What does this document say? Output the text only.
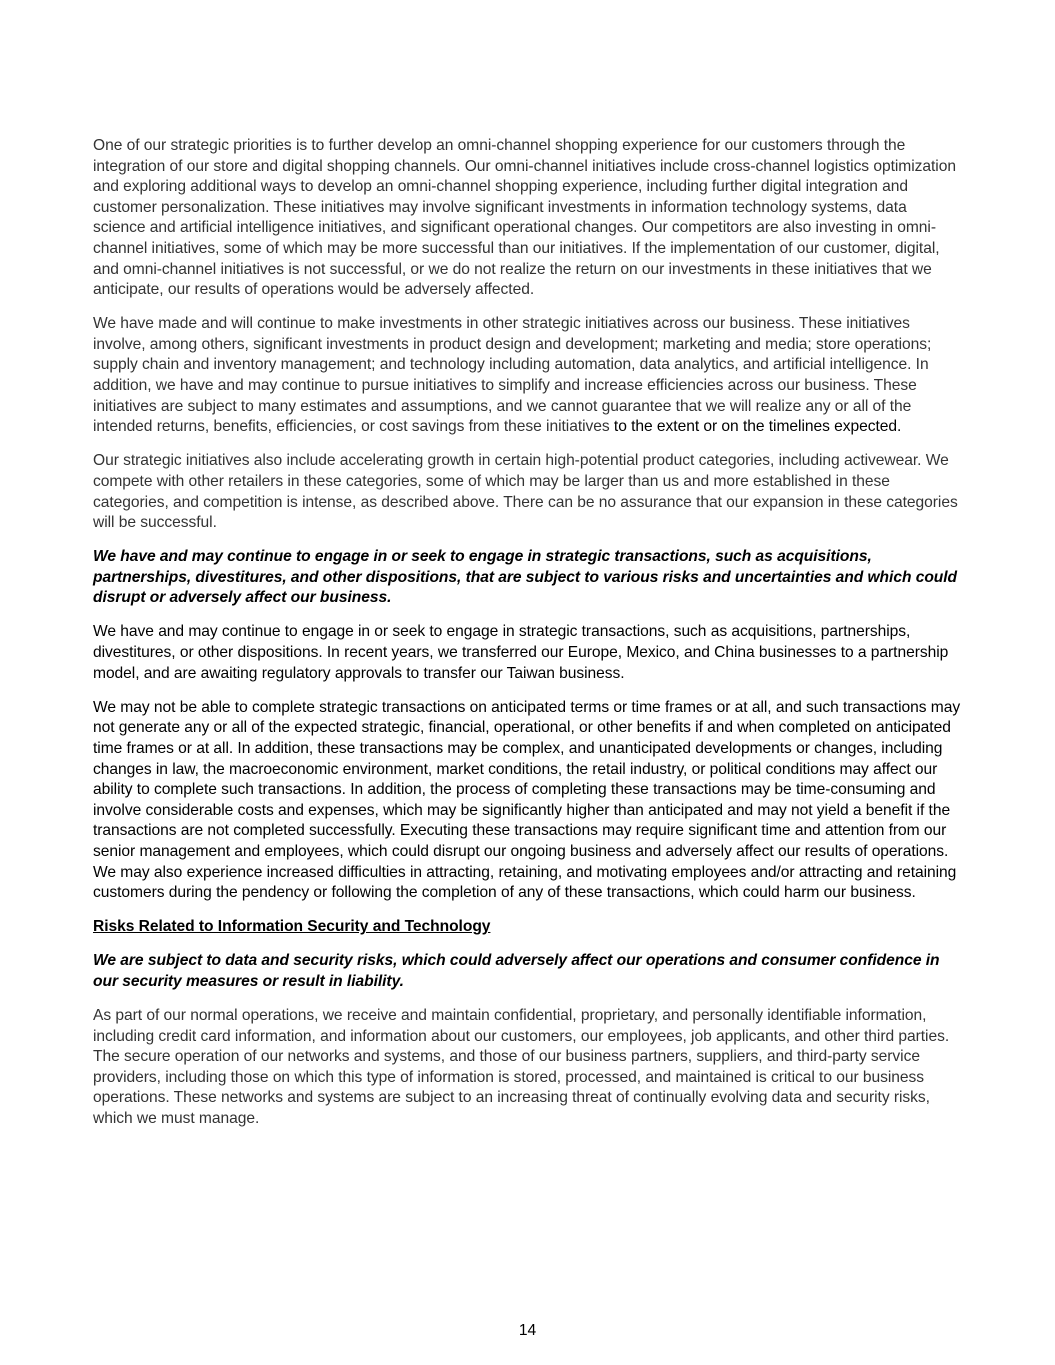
One of our strategic priorities is to further develop an omni-channel shopping experience for our customers through the integration of our store and digital shopping channels. Our omni-channel initiatives include cross-channel logistics optimization and exploring additional ways to develop an omni-channel shopping experience, including further digital integration and customer personalization. These initiatives may involve significant investments in information technology systems, data science and artificial intelligence initiatives, and significant operational changes. Our competitors are also investing in omni-channel initiatives, some of which may be more successful than our initiatives. If the implementation of our customer, digital, and omni-channel initiatives is not successful, or we do not realize the return on our investments in these initiatives that we anticipate, our results of operations would be adversely affected.

We have made and will continue to make investments in other strategic initiatives across our business. These initiatives involve, among others, significant investments in product design and development; marketing and media; store operations; supply chain and inventory management; and technology including automation, data analytics, and artificial intelligence. In addition, we have and may continue to pursue initiatives to simplify and increase efficiencies across our business. These initiatives are subject to many estimates and assumptions, and we cannot guarantee that we will realize any or all of the intended returns, benefits, efficiencies, or cost savings from these initiatives to the extent or on the timelines expected.

Our strategic initiatives also include accelerating growth in certain high-potential product categories, including activewear. We compete with other retailers in these categories, some of which may be larger than us and more established in these categories, and competition is intense, as described above. There can be no assurance that our expansion in these categories will be successful.

We have and may continue to engage in or seek to engage in strategic transactions, such as acquisitions, partnerships, divestitures, and other dispositions, that are subject to various risks and uncertainties and which could disrupt or adversely affect our business.

We have and may continue to engage in or seek to engage in strategic transactions, such as acquisitions, partnerships, divestitures, or other dispositions. In recent years, we transferred our Europe, Mexico, and China businesses to a partnership model, and are awaiting regulatory approvals to transfer our Taiwan business.

We may not be able to complete strategic transactions on anticipated terms or time frames or at all, and such transactions may not generate any or all of the expected strategic, financial, operational, or other benefits if and when completed on anticipated time frames or at all. In addition, these transactions may be complex, and unanticipated developments or changes, including changes in law, the macroeconomic environment, market conditions, the retail industry, or political conditions may affect our ability to complete such transactions. In addition, the process of completing these transactions may be time-consuming and involve considerable costs and expenses, which may be significantly higher than anticipated and may not yield a benefit if the transactions are not completed successfully. Executing these transactions may require significant time and attention from our senior management and employees, which could disrupt our ongoing business and adversely affect our results of operations. We may also experience increased difficulties in attracting, retaining, and motivating employees and/or attracting and retaining customers during the pendency or following the completion of any of these transactions, which could harm our business.

Risks Related to Information Security and Technology

We are subject to data and security risks, which could adversely affect our operations and consumer confidence in our security measures or result in liability.

As part of our normal operations, we receive and maintain confidential, proprietary, and personally identifiable information, including credit card information, and information about our customers, our employees, job applicants, and other third parties. The secure operation of our networks and systems, and those of our business partners, suppliers, and third-party service providers, including those on which this type of information is stored, processed, and maintained is critical to our business operations. These networks and systems are subject to an increasing threat of continually evolving data and security risks, which we must manage.

14
